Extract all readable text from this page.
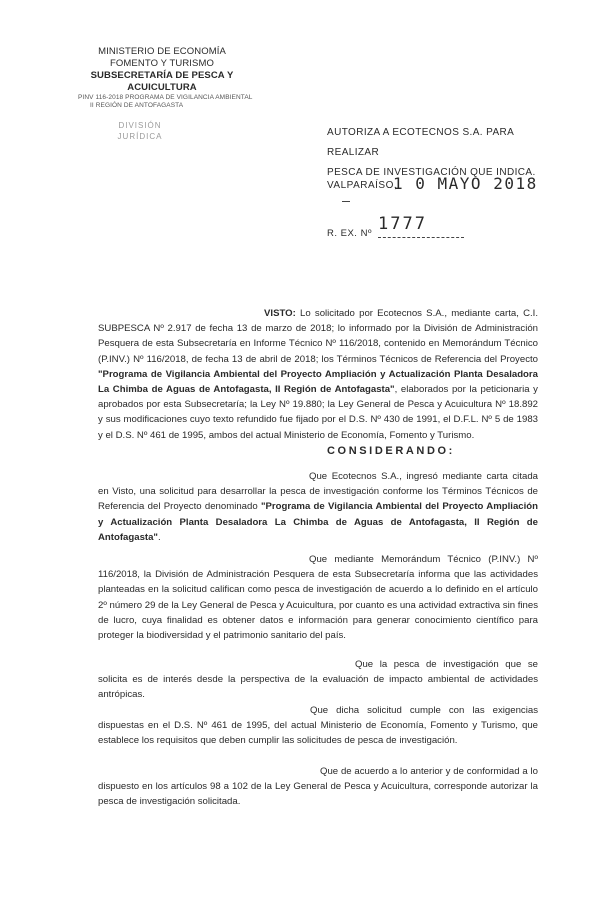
MINISTERIO DE ECONOMÍA
FOMENTO Y TURISMO
SUBSECRETARÍA DE PESCA Y ACUICULTURA
PINV 116-2018 PROGRAMA DE VIGILANCIA AMBIENTAL
II REGIÓN DE ANTOFAGASTA
DIVISIÓN
JURÍDICA	AUTORIZA A ECOTECNOS S.A. PARA REALIZAR
PESCA DE INVESTIGACIÓN QUE INDICA.
VALPARAÍSO,
1 0 MAYO 2018
R. EX. Nº 1777
VISTO: Lo solicitado por Ecotecnos S.A., mediante carta, C.I. SUBPESCA Nº 2.917 de fecha 13 de marzo de 2018; lo informado por la División de Administración Pesquera de esta Subsecretaría en Informe Técnico Nº 116/2018, contenido en Memorándum Técnico (P.INV.) Nº 116/2018, de fecha 13 de abril de 2018; los Términos Técnicos de Referencia del Proyecto "Programa de Vigilancia Ambiental del Proyecto Ampliación y Actualización Planta Desaladora La Chimba de Aguas de Antofagasta, II Región de Antofagasta", elaborados por la peticionaria y aprobados por esta Subsecretaría; la Ley Nº 19.880; la Ley General de Pesca y Acuicultura Nº 18.892 y sus modificaciones cuyo texto refundido fue fijado por el D.S. Nº 430 de 1991, el D.F.L. Nº 5 de 1983 y el D.S. Nº 461 de 1995, ambos del actual Ministerio de Economía, Fomento y Turismo.
CONSIDERANDO:
Que Ecotecnos S.A., ingresó mediante carta citada en Visto, una solicitud para desarrollar la pesca de investigación conforme los Términos Técnicos de Referencia del Proyecto denominado "Programa de Vigilancia Ambiental del Proyecto Ampliación y Actualización Planta Desaladora La Chimba de Aguas de Antofagasta, II Región de Antofagasta".
Que mediante Memorándum Técnico (P.INV.) Nº 116/2018, la División de Administración Pesquera de esta Subsecretaría informa que las actividades planteadas en la solicitud califican como pesca de investigación de acuerdo a lo definido en el artículo 2º número 29 de la Ley General de Pesca y Acuicultura, por cuanto es una actividad extractiva sin fines de lucro, cuya finalidad es obtener datos e información para generar conocimiento científico para proteger la biodiversidad y el patrimonio sanitario del país.
Que la pesca de investigación que se solicita es de interés desde la perspectiva de la evaluación de impacto ambiental de actividades antrópicas.
Que dicha solicitud cumple con las exigencias dispuestas en el D.S. Nº 461 de 1995, del actual Ministerio de Economía, Fomento y Turismo, que establece los requisitos que deben cumplir las solicitudes de pesca de investigación.
Que de acuerdo a lo anterior y de conformidad a lo dispuesto en los artículos 98 a 102 de la Ley General de Pesca y Acuicultura, corresponde autorizar la pesca de investigación solicitada.
